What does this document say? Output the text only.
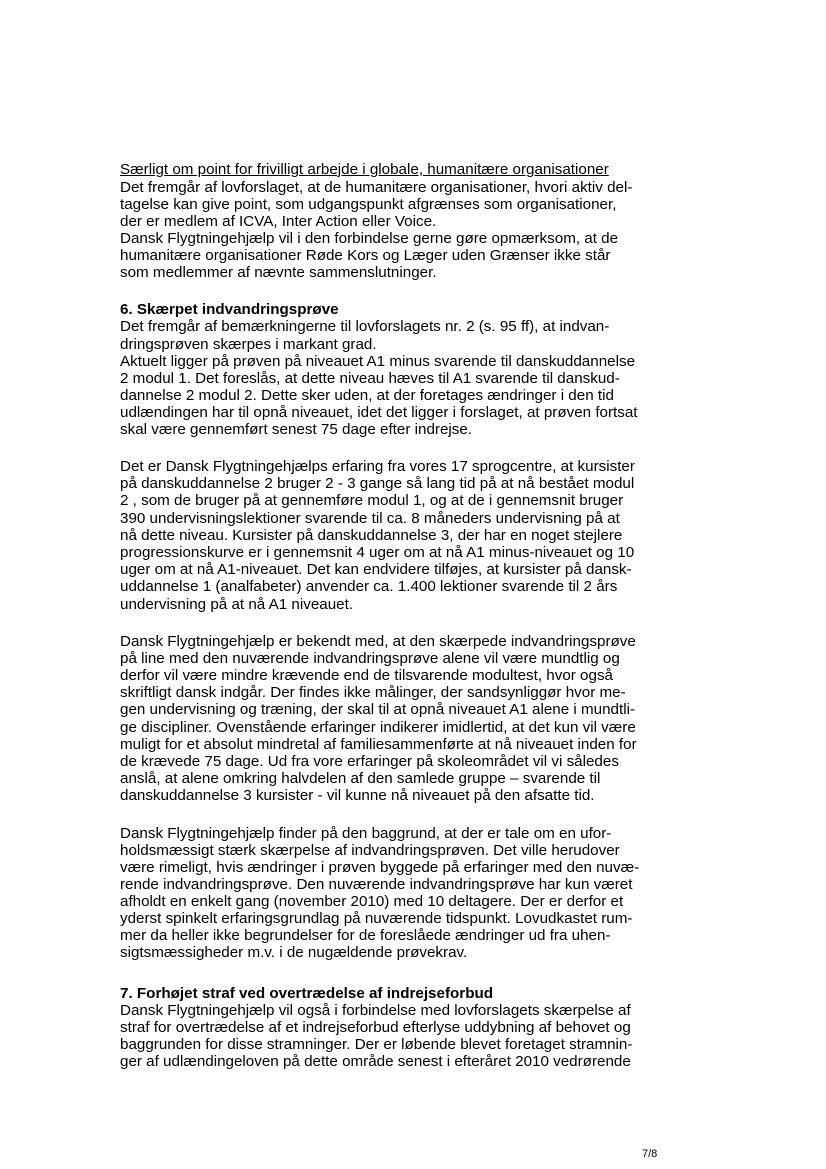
Særligt om point for frivilligt arbejde i globale, humanitære organisationer
Det fremgår af lovforslaget, at de humanitære organisationer, hvori aktiv del-
tagelse kan give point, som udgangspunkt afgrænses som organisationer,
der er medlem af ICVA, Inter Action eller Voice.
Dansk Flygtningehjælp vil i den forbindelse gerne gøre opmærksom, at de
humanitære organisationer Røde Kors og Læger uden Grænser ikke står
som medlemmer af nævnte sammenslutninger.
6. Skærpet indvandringsprøve
Det fremgår af bemærkningerne til lovforslagets nr. 2 (s. 95 ff), at indvan-
dringsprøven skærpes i markant grad.
Aktuelt ligger på prøven på niveauet A1 minus svarende til danskuddannelse
2 modul 1. Det foreslås, at dette niveau hæves til A1 svarende til danskud-
dannelse 2 modul 2. Dette sker uden, at der foretages ændringer i den tid
udlændingen har til opnå niveauet, idet det ligger i forslaget, at prøven fortsat
skal være gennemført senest 75 dage efter indrejse.
Det er Dansk Flygtningehjælps erfaring fra vores 17 sprogcentre, at kursister
på danskuddannelse 2 bruger 2 - 3 gange så lang tid på at nå bestået modul
2 , som de bruger på at gennemføre modul 1, og at de i gennemsnit bruger
390 undervisningslektioner svarende til ca. 8 måneders undervisning på at
nå dette niveau. Kursister på danskuddannelse 3, der har en noget stejlere
progressionskurve er i gennemsnit 4 uger om at nå A1 minus-niveauet og 10
uger om at nå A1-niveauet. Det kan endvidere tilføjes, at kursister på dansk-
uddannelse 1 (analfabeter) anvender ca. 1.400 lektioner svarende til 2 års
undervisning på at nå A1 niveauet.
Dansk Flygtningehjælp er bekendt med, at den skærpede indvandringsprøve
på line med den nuværende indvandringsprøve alene vil være mundtlig og
derfor vil være mindre krævende end de tilsvarende modultest, hvor også
skriftligt dansk indgår. Der findes ikke målinger, der sandsynliggør hvor me-
gen undervisning og træning, der skal til at opnå niveauet A1 alene i mundtli-
ge discipliner. Ovenstående erfaringer indikerer imidlertid, at det kun vil være
muligt for et absolut mindretal af familiesammenførte at nå niveauet inden for
de krævede 75 dage. Ud fra vore erfaringer på skoleområdet vil vi således
anslå, at alene omkring halvdelen af den samlede gruppe – svarende til
danskuddannelse 3 kursister - vil kunne nå niveauet på den afsatte tid.
Dansk Flygtningehjælp finder på den baggrund, at der er tale om en ufor-
holdsmæssigt stærk skærpelse af indvandringsprøven. Det ville herudover
være rimeligt, hvis ændringer i prøven byggede på erfaringer med den nuvæ-
rende indvandringsprøve. Den nuværende indvandringsprøve har kun været
afholdt en enkelt gang (november 2010) med 10 deltagere. Der er derfor et
yderst spinkelt erfaringsgrundlag på nuværende tidspunkt. Lovudkastet rum-
mer da heller ikke begrundelser for de foreslåede ændringer ud fra uhen-
sigtsmæssigheder m.v. i de nugældende prøvekrav.
7. Forhøjet straf ved overtrædelse af indrejseforbud
Dansk Flygtningehjælp vil også i forbindelse med lovforslagets skærpelse af
straf for overtrædelse af et indrejseforbud efterlyse uddybning af behovet og
baggrunden for disse stramninger. Der er løbende blevet foretaget stramnin-
ger af udlændingeloven på dette område senest i efteråret 2010 vedrørende
7/8
